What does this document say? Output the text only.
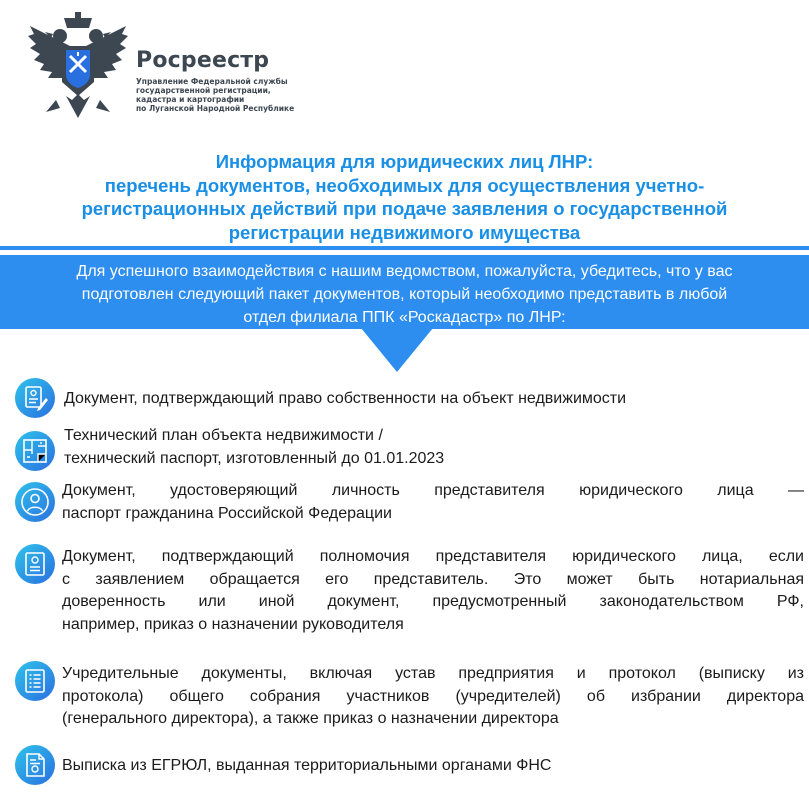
Росреестр
Управление Федеральной службы
государственной регистрации,
кадастра и картографии
по Луганской Народной Республике
Информация для юридических лиц ЛНР:
перечень документов, необходимых для осуществления учетно-
регистрационных действий при подаче заявления о государственной
регистрации недвижимого имущества
Для успешного взаимодействия с нашим ведомством, пожалуйста, убедитесь, что у вас
подготовлен следующий пакет документов, который необходимо представить в любой
отдел филиала ППК «Роскадастр» по ЛНР:
Документ, подтверждающий право собственности на объект недвижимости
Технический план объекта недвижимости /
технический паспорт, изготовленный до 01.01.2023
Документ, удостоверяющий личность представителя юридического лица —
паспорт гражданина Российской Федерации
Документ, подтверждающий полномочия представителя юридического лица, если
с заявлением обращается его представитель. Это может быть нотариальная
доверенность или иной документ, предусмотренный законодательством РФ,
например, приказ о назначении руководителя
Учредительные документы, включая устав предприятия и протокол (выписку из
протокола) общего собрания участников (учредителей) об избрании директора
(генерального директора), а также приказ о назначении директора
Выписка из ЕГРЮЛ, выданная территориальными органами ФНС
